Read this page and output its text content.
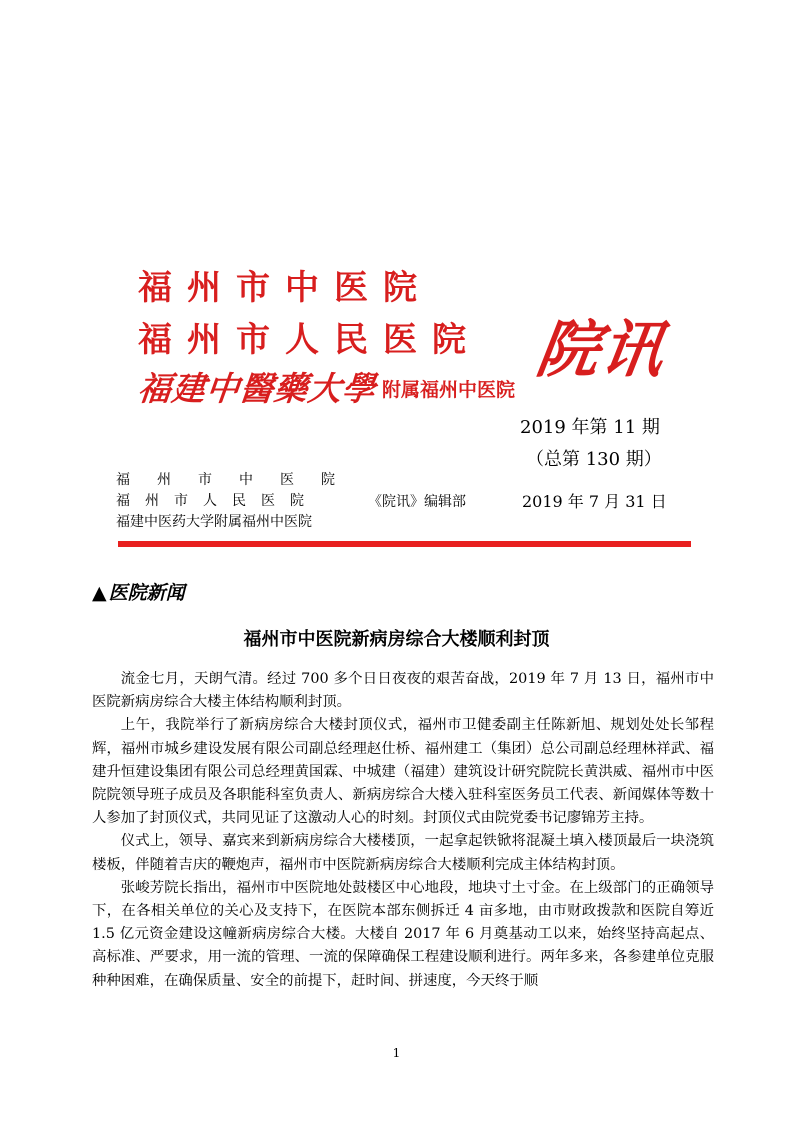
福州市中医院
福州市人民医院
福建中醫藥大學 附属福州中医院
院讯
2019 年第 11 期
（总第 130 期）
福州市中医院
福州市人民医院
福建中医药大学附属福州中医院
《院讯》编辑部	2019 年 7 月 31 日
▲ 医院新闻
福州市中医院新病房综合大楼顺利封顶

流金七月，天朗气清。经过 700 多个日日夜夜的艰苦奋战，2019 年 7 月 13 日，福州市中医院新病房综合大楼主体结构顺利封顶。

上午，我院举行了新病房综合大楼封顶仪式，福州市卫健委副主任陈新旭、规划处处长邹程辉，福州市城乡建设发展有限公司副总经理赵仕桥、福州建工（集团）总公司副总经理林祥武、福建升恒建设集团有限公司总经理黄国霖、中城建（福建）建筑设计研究院院长黄洪威、福州市中医院院领导班子成员及各职能科室负责人、新病房综合大楼入驻科室医务员工代表、新闻媒体等数十人参加了封顶仪式，共同见证了这激动人心的时刻。封顶仪式由院党委书记廖锦芳主持。

仪式上，领导、嘉宾来到新病房综合大楼楼顶，一起拿起铁锨将混凝土填入楼顶最后一块浇筑楼板，伴随着吉庆的鞭炮声，福州市中医院新病房综合大楼顺利完成主体结构封顶。

张峻芳院长指出，福州市中医院地处鼓楼区中心地段，地块寸土寸金。在上级部门的正确领导下，在各相关单位的关心及支持下，在医院本部东侧拆迁 4 亩多地，由市财政拨款和医院自筹近 1.5 亿元资金建设这幢新病房综合大楼。大楼自 2017 年 6 月奠基动工以来，始终坚持高起点、高标准、严要求，用一流的管理、一流的保障确保工程建设顺利进行。两年多来，各参建单位克服种种困难，在确保质量、安全的前提下，赶时间、拼速度，今天终于顺

1
